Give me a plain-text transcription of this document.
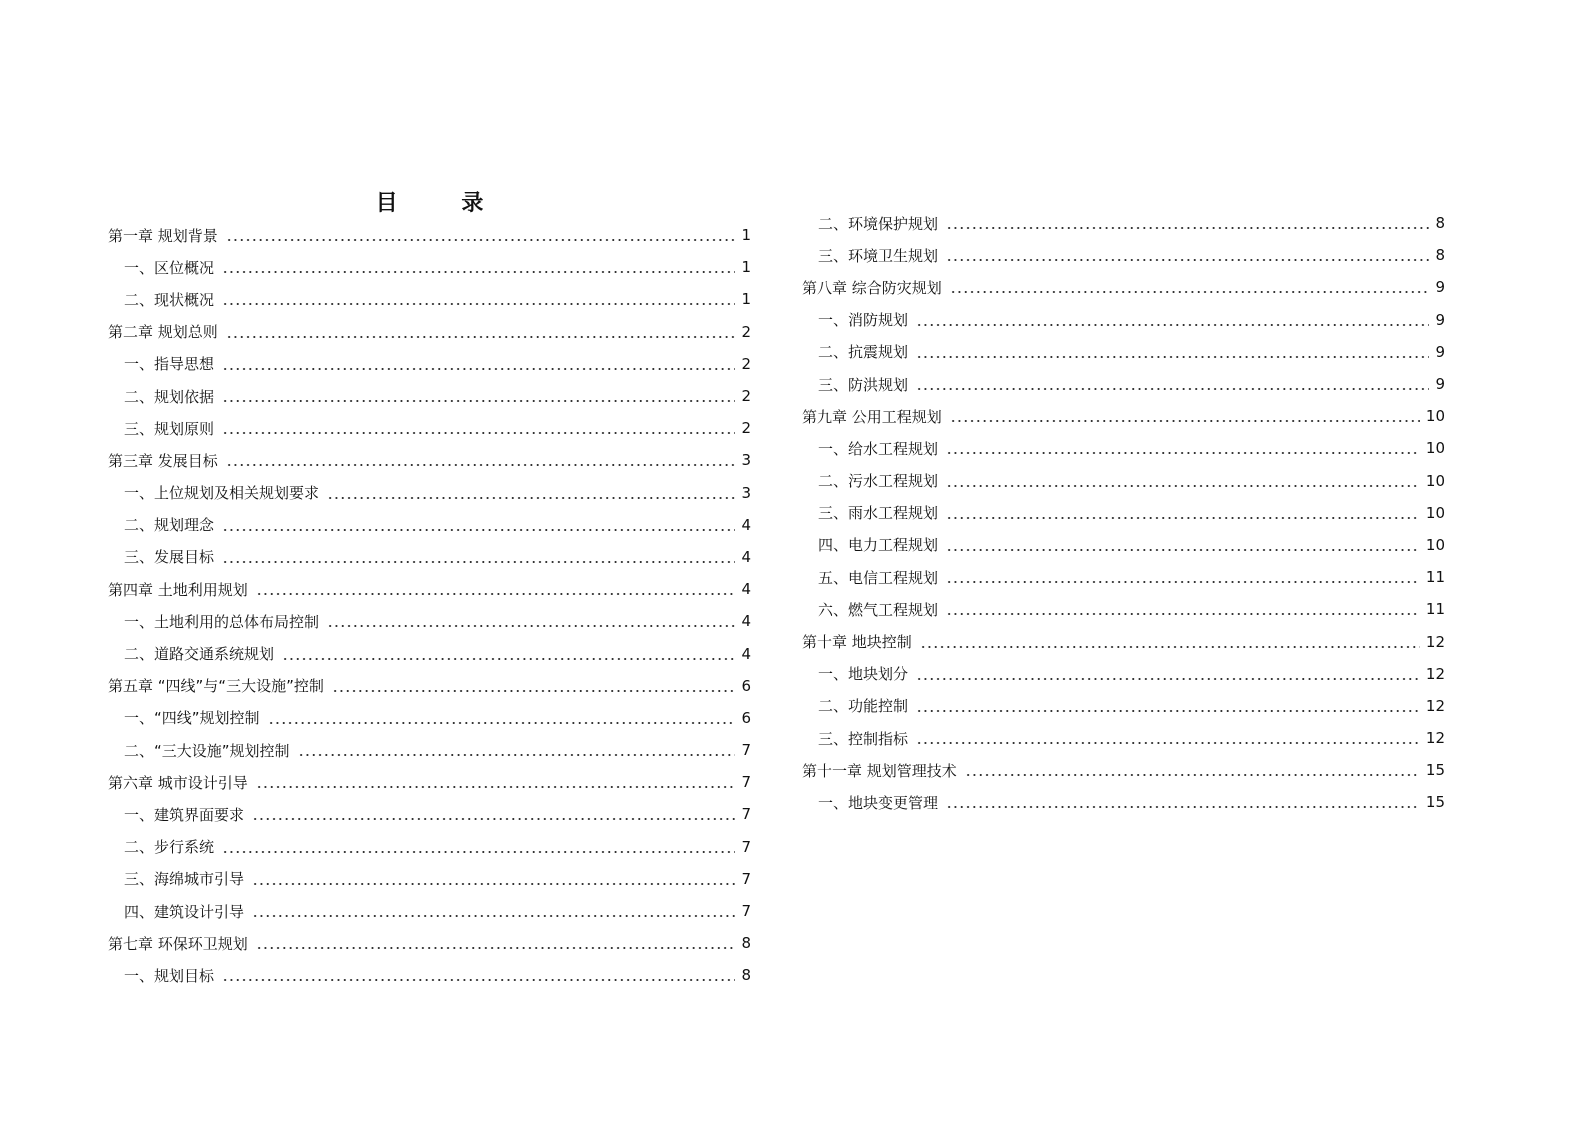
目 录
第一章 规划背景	1
一、区位概况	1
二、现状概况	1
第二章 规划总则	2
一、指导思想	2
二、规划依据	2
三、规划原则	2
第三章 发展目标	3
一、上位规划及相关规划要求	3
二、规划理念	4
三、发展目标	4
第四章 土地利用规划	4
一、土地利用的总体布局控制	4
二、道路交通系统规划	4
第五章 “四线”与“三大设施”控制	6
一、“四线”规划控制	6
二、“三大设施”规划控制	7
第六章 城市设计引导	7
一、建筑界面要求	7
二、步行系统	7
三、海绵城市引导	7
四、建筑设计引导	7
第七章 环保环卫规划	8
一、规划目标	8
二、环境保护规划	8
三、环境卫生规划	8
第八章 综合防灾规划	9
一、消防规划	9
二、抗震规划	9
三、防洪规划	9
第九章 公用工程规划	10
一、给水工程规划	10
二、污水工程规划	10
三、雨水工程规划	10
四、电力工程规划	10
五、电信工程规划	11
六、燃气工程规划	11
第十章 地块控制	12
一、地块划分	12
二、功能控制	12
三、控制指标	12
第十一章 规划管理技术	15
一、地块变更管理	15
